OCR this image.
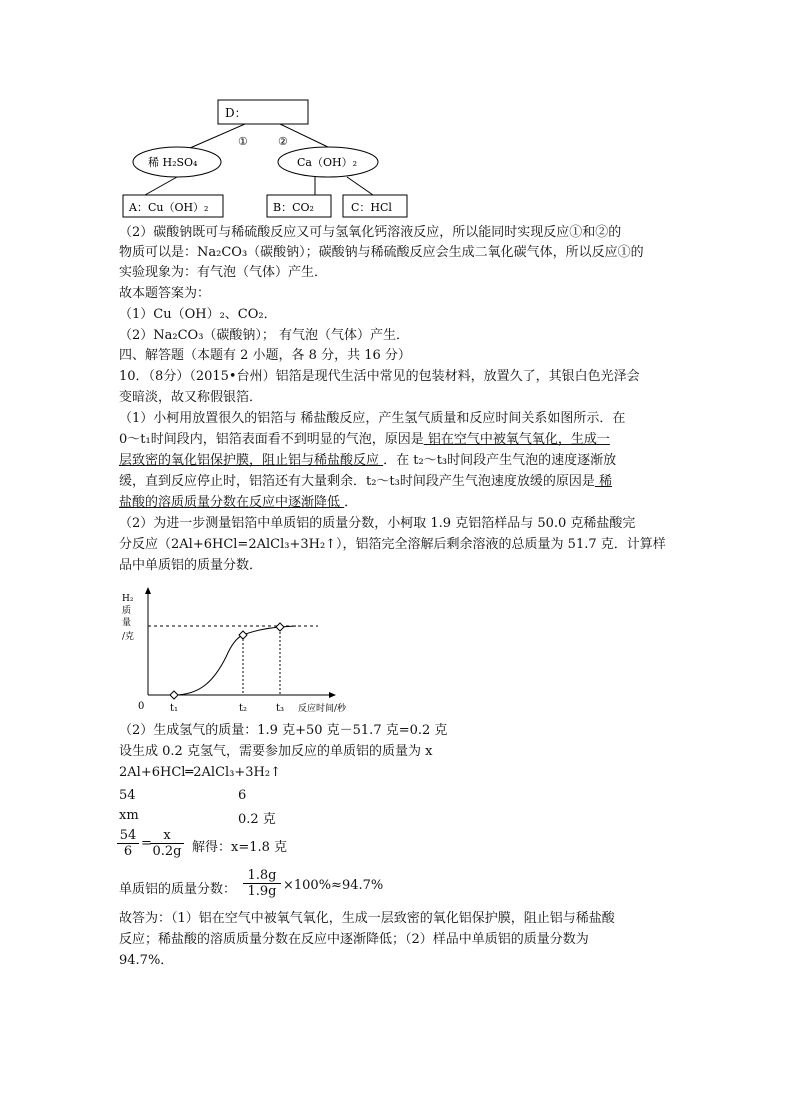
D：
①	②
稀 H₂SO₄	Ca（OH）₂
A：Cu（OH）₂	B：CO₂	C：HCl
（2）碳酸钠既可与稀硫酸反应又可与氢氧化钙溶液反应，所以能同时实现反应①和②的
物质可以是：Na₂CO₃（碳酸钠）；碳酸钠与稀硫酸反应会生成二氧化碳气体，所以反应①的
实验现象为：有气泡（气体）产生．
故本题答案为：
（1）Cu（OH）₂、CO₂．
（2）Na₂CO₃（碳酸钠）； 有气泡（气体）产生．
四、解答题（本题有 2 小题，各 8 分，共 16 分）
10．（8分）（2015•台州）铝箔是现代生活中常见的包装材料，放置久了，其银白色光泽会
变暗淡，故又称假银箔．
（1）小柯用放置很久的铝箔与 稀盐酸反应，产生氢气质量和反应时间关系如图所示．在
0～t₁时间段内，铝箔表面看不到明显的气泡，原因是 铝在空气中被氧气氧化，生成一
层致密的氧化铝保护膜，阻止铝与稀盐酸反应 ．在 t₂～t₃时间段产生气泡的速度逐渐放
缓，直到反应停止时，铝箔还有大量剩余．t₂～t₃时间段产生气泡速度放缓的原因是 稀
盐酸的溶质质量分数在反应中逐渐降低 ．
（2）为进一步测量铝箔中单质铝的质量分数，小柯取 1.9 克铝箔样品与 50.0 克稀盐酸完
分反应（2Al+6HCl=2AlCl₃+3H₂↑），铝箔完全溶解后剩余溶液的总质量为 51.7 克．计算样
品中单质铝的质量分数．
H₂
质
量
/克
0	t₁	t₂	t₃ 反应时间/秒
（2）生成氢气的质量：1.9 克+50 克－51.7 克=0.2 克
设生成 0.2 克氢气，需要参加反应的单质铝的质量为 x
2Al+6HCl═2AlCl₃+3H₂↑
54	6
xm	0.2 克
$\frac{54}{6}$ =
$\frac{x}{0.2g}$ 解得：x=1.8 克
单质铝的质量分数： $\frac{1.8g}{1.9g} \times 100\%\approx 94.7\%$
故答为：（1）铝在空气中被氧气氧化，生成一层致密的氧化铝保护膜，阻止铝与稀盐酸
反应；稀盐酸的溶质质量分数在反应中逐渐降低；（2）样品中单质铝的质量分数为
94.7%．
